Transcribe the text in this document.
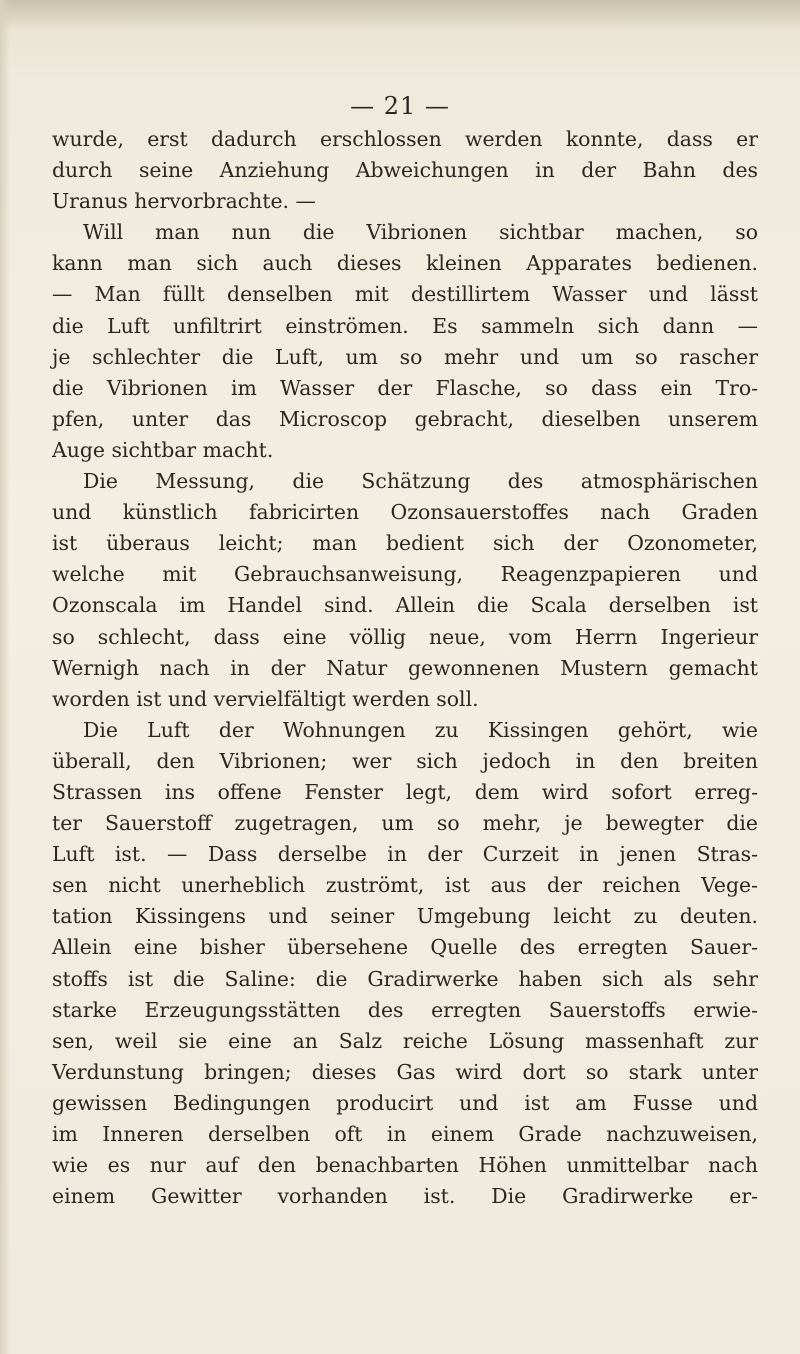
— 21 —
wurde, erst dadurch erschlossen werden konnte, dass er
durch seine Anziehung Abweichungen in der Bahn des
Uranus hervorbrachte. —
Will man nun die Vibrionen sichtbar machen, so
kann man sich auch dieses kleinen Apparates bedienen.
— Man füllt denselben mit destillirtem Wasser und lässt
die Luft unfiltrirt einströmen. Es sammeln sich dann —
je schlechter die Luft, um so mehr und um so rascher
die Vibrionen im Wasser der Flasche, so dass ein Tro-
pfen, unter das Microscop gebracht, dieselben unserem
Auge sichtbar macht.
Die Messung, die Schätzung des atmosphärischen
und künstlich fabricirten Ozonsauerstoffes nach Graden
ist überaus leicht; man bedient sich der Ozonometer,
welche mit Gebrauchsanweisung, Reagenzpapieren und
Ozonscala im Handel sind. Allein die Scala derselben ist
so schlecht, dass eine völlig neue, vom Herrn Ingerieur
Wernigh nach in der Natur gewonnenen Mustern gemacht
worden ist und vervielfältigt werden soll.
Die Luft der Wohnungen zu Kissingen gehört, wie
überall, den Vibrionen; wer sich jedoch in den breiten
Strassen ins offene Fenster legt, dem wird sofort erreg-
ter Sauerstoff zugetragen, um so mehr, je bewegter die
Luft ist. — Dass derselbe in der Curzeit in jenen Stras-
sen nicht unerheblich zuströmt, ist aus der reichen Vege-
tation Kissingens und seiner Umgebung leicht zu deuten.
Allein eine bisher übersehene Quelle des erregten Sauer-
stoffs ist die Saline: die Gradirwerke haben sich als sehr
starke Erzeugungsstätten des erregten Sauerstoffs erwie-
sen, weil sie eine an Salz reiche Lösung massenhaft zur
Verdunstung bringen; dieses Gas wird dort so stark unter
gewissen Bedingungen producirt und ist am Fusse und
im Inneren derselben oft in einem Grade nachzuweisen,
wie es nur auf den benachbarten Höhen unmittelbar nach
einem Gewitter vorhanden ist. Die Gradirwerke er-
